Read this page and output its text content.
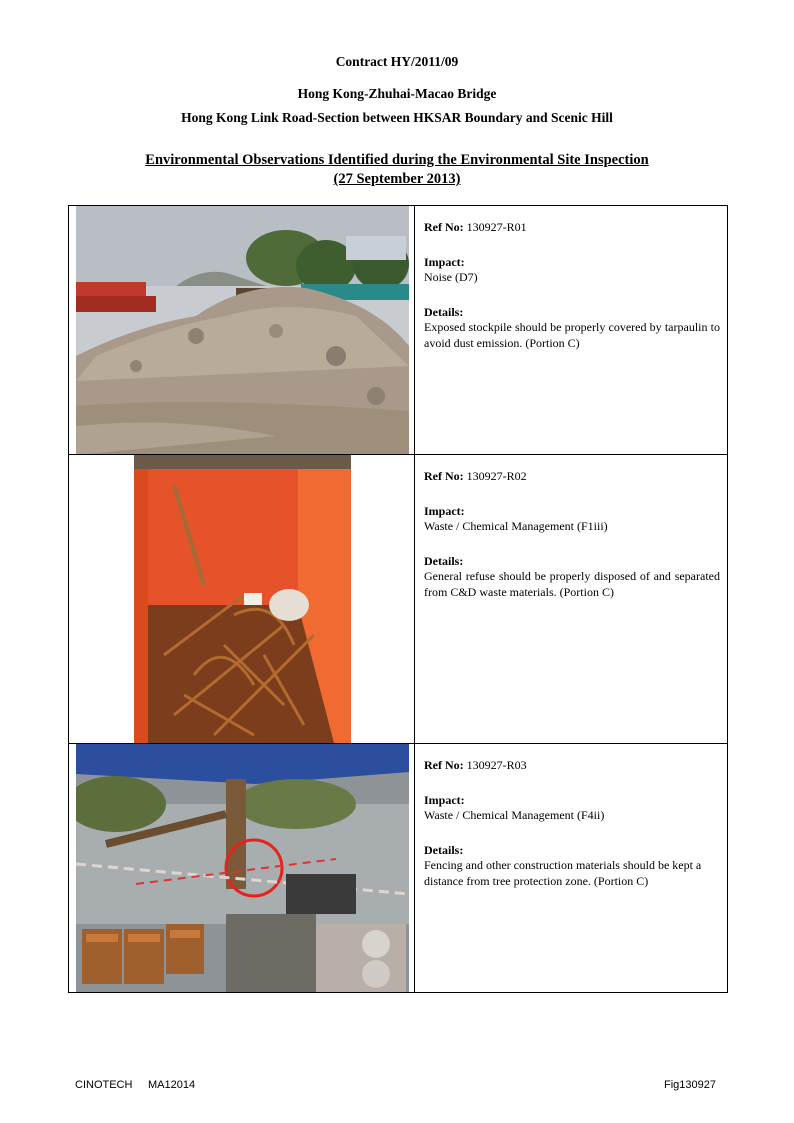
Contract HY/2011/09
Hong Kong-Zhuhai-Macao Bridge
Hong Kong Link Road-Section between HKSAR Boundary and Scenic Hill
Environmental Observations Identified during the Environmental Site Inspection
(27 September 2013)
Ref No: 130927-R01
Impact:
Noise (D7)
Details:
Exposed stockpile should be properly covered by tarpaulin to avoid dust emission. (Portion C)
Ref No: 130927-R02
Impact:
Waste / Chemical Management (F1iii)
Details:
General refuse should be properly disposed of and separated from C&D waste materials. (Portion C)
Ref No: 130927-R03
Impact:
Waste / Chemical Management (F4ii)
Details:
Fencing and other construction materials should be kept a distance from tree protection zone. (Portion C)
CINOTECH MA12014	Fig130927
